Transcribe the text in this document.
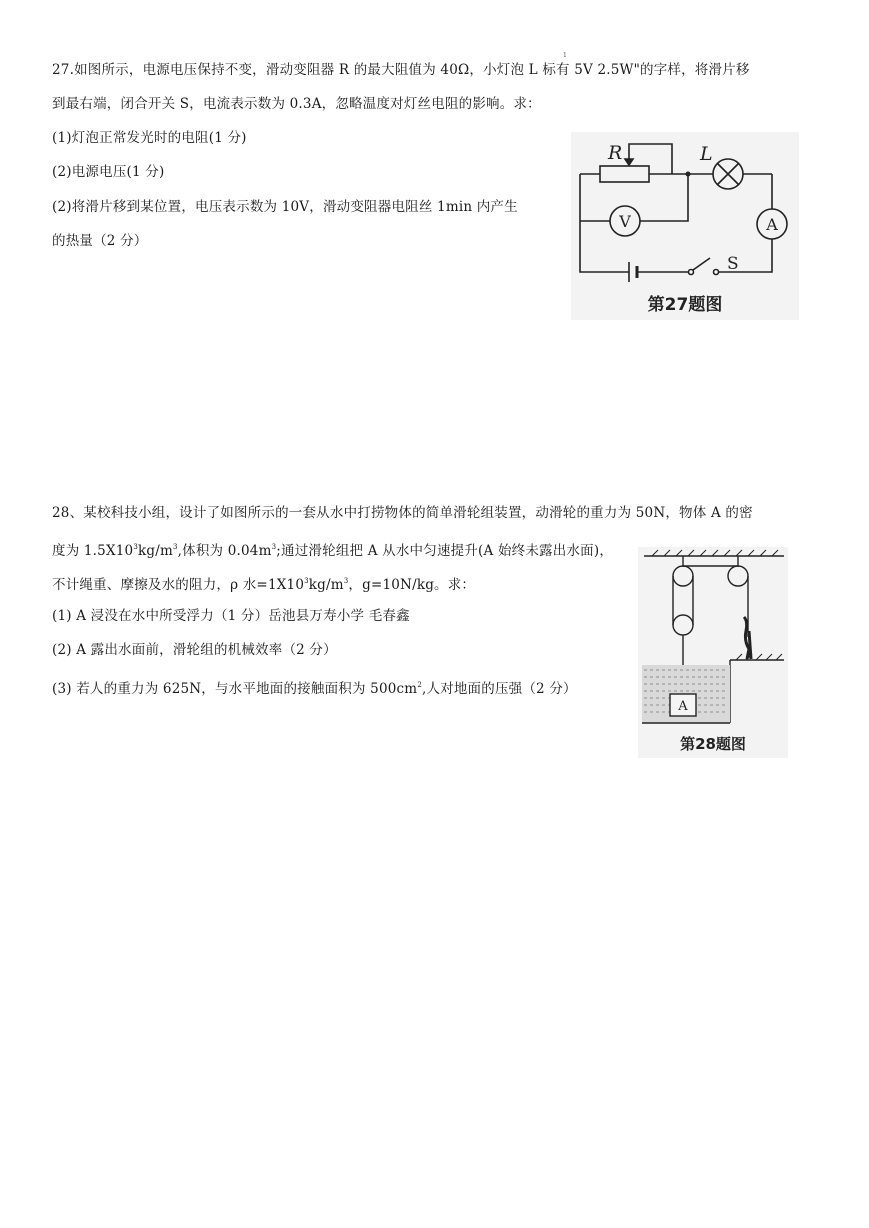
1
27.如图所示，电源电压保持不变，滑动变阻器 R 的最大阻值为 40Ω，小灯泡 L 标有 5V 2.5W"的字样，将滑片移
到最右端，闭合开关 S，电流表示数为 0.3A，忽略温度对灯丝电阻的影响。求：
(1)灯泡正常发光时的电阻(1 分)
(2)电源电压(1 分)
(2)将滑片移到某位置，电压表示数为 10V，滑动变阻器电阻丝 1min 内产生
的热量（2 分）
R	L
V	A
S
第27题图
28、某校科技小组，设计了如图所示的一套从水中打捞物体的简单滑轮组装置，动滑轮的重力为 50N，物体 A 的密
度为 $1.5X10^3kg/m^3$,体积为 $0.04m^3$;通过滑轮组把 A 从水中匀速提升(A 始终未露出水面)，
不计绳重、摩擦及水的阻力，ρ 水$=1X10^3kg/m^3$，g=10N/kg。求：
(1) A 浸没在水中所受浮力（1 分）岳池县万寿小学 毛春鑫
(2) A 露出水面前，滑轮组的机械效率（2 分）
(3) 若人的重力为 625N，与水平地面的接触面积为 $500cm^2$,人对地面的压强（2 分）
A
第28题图
